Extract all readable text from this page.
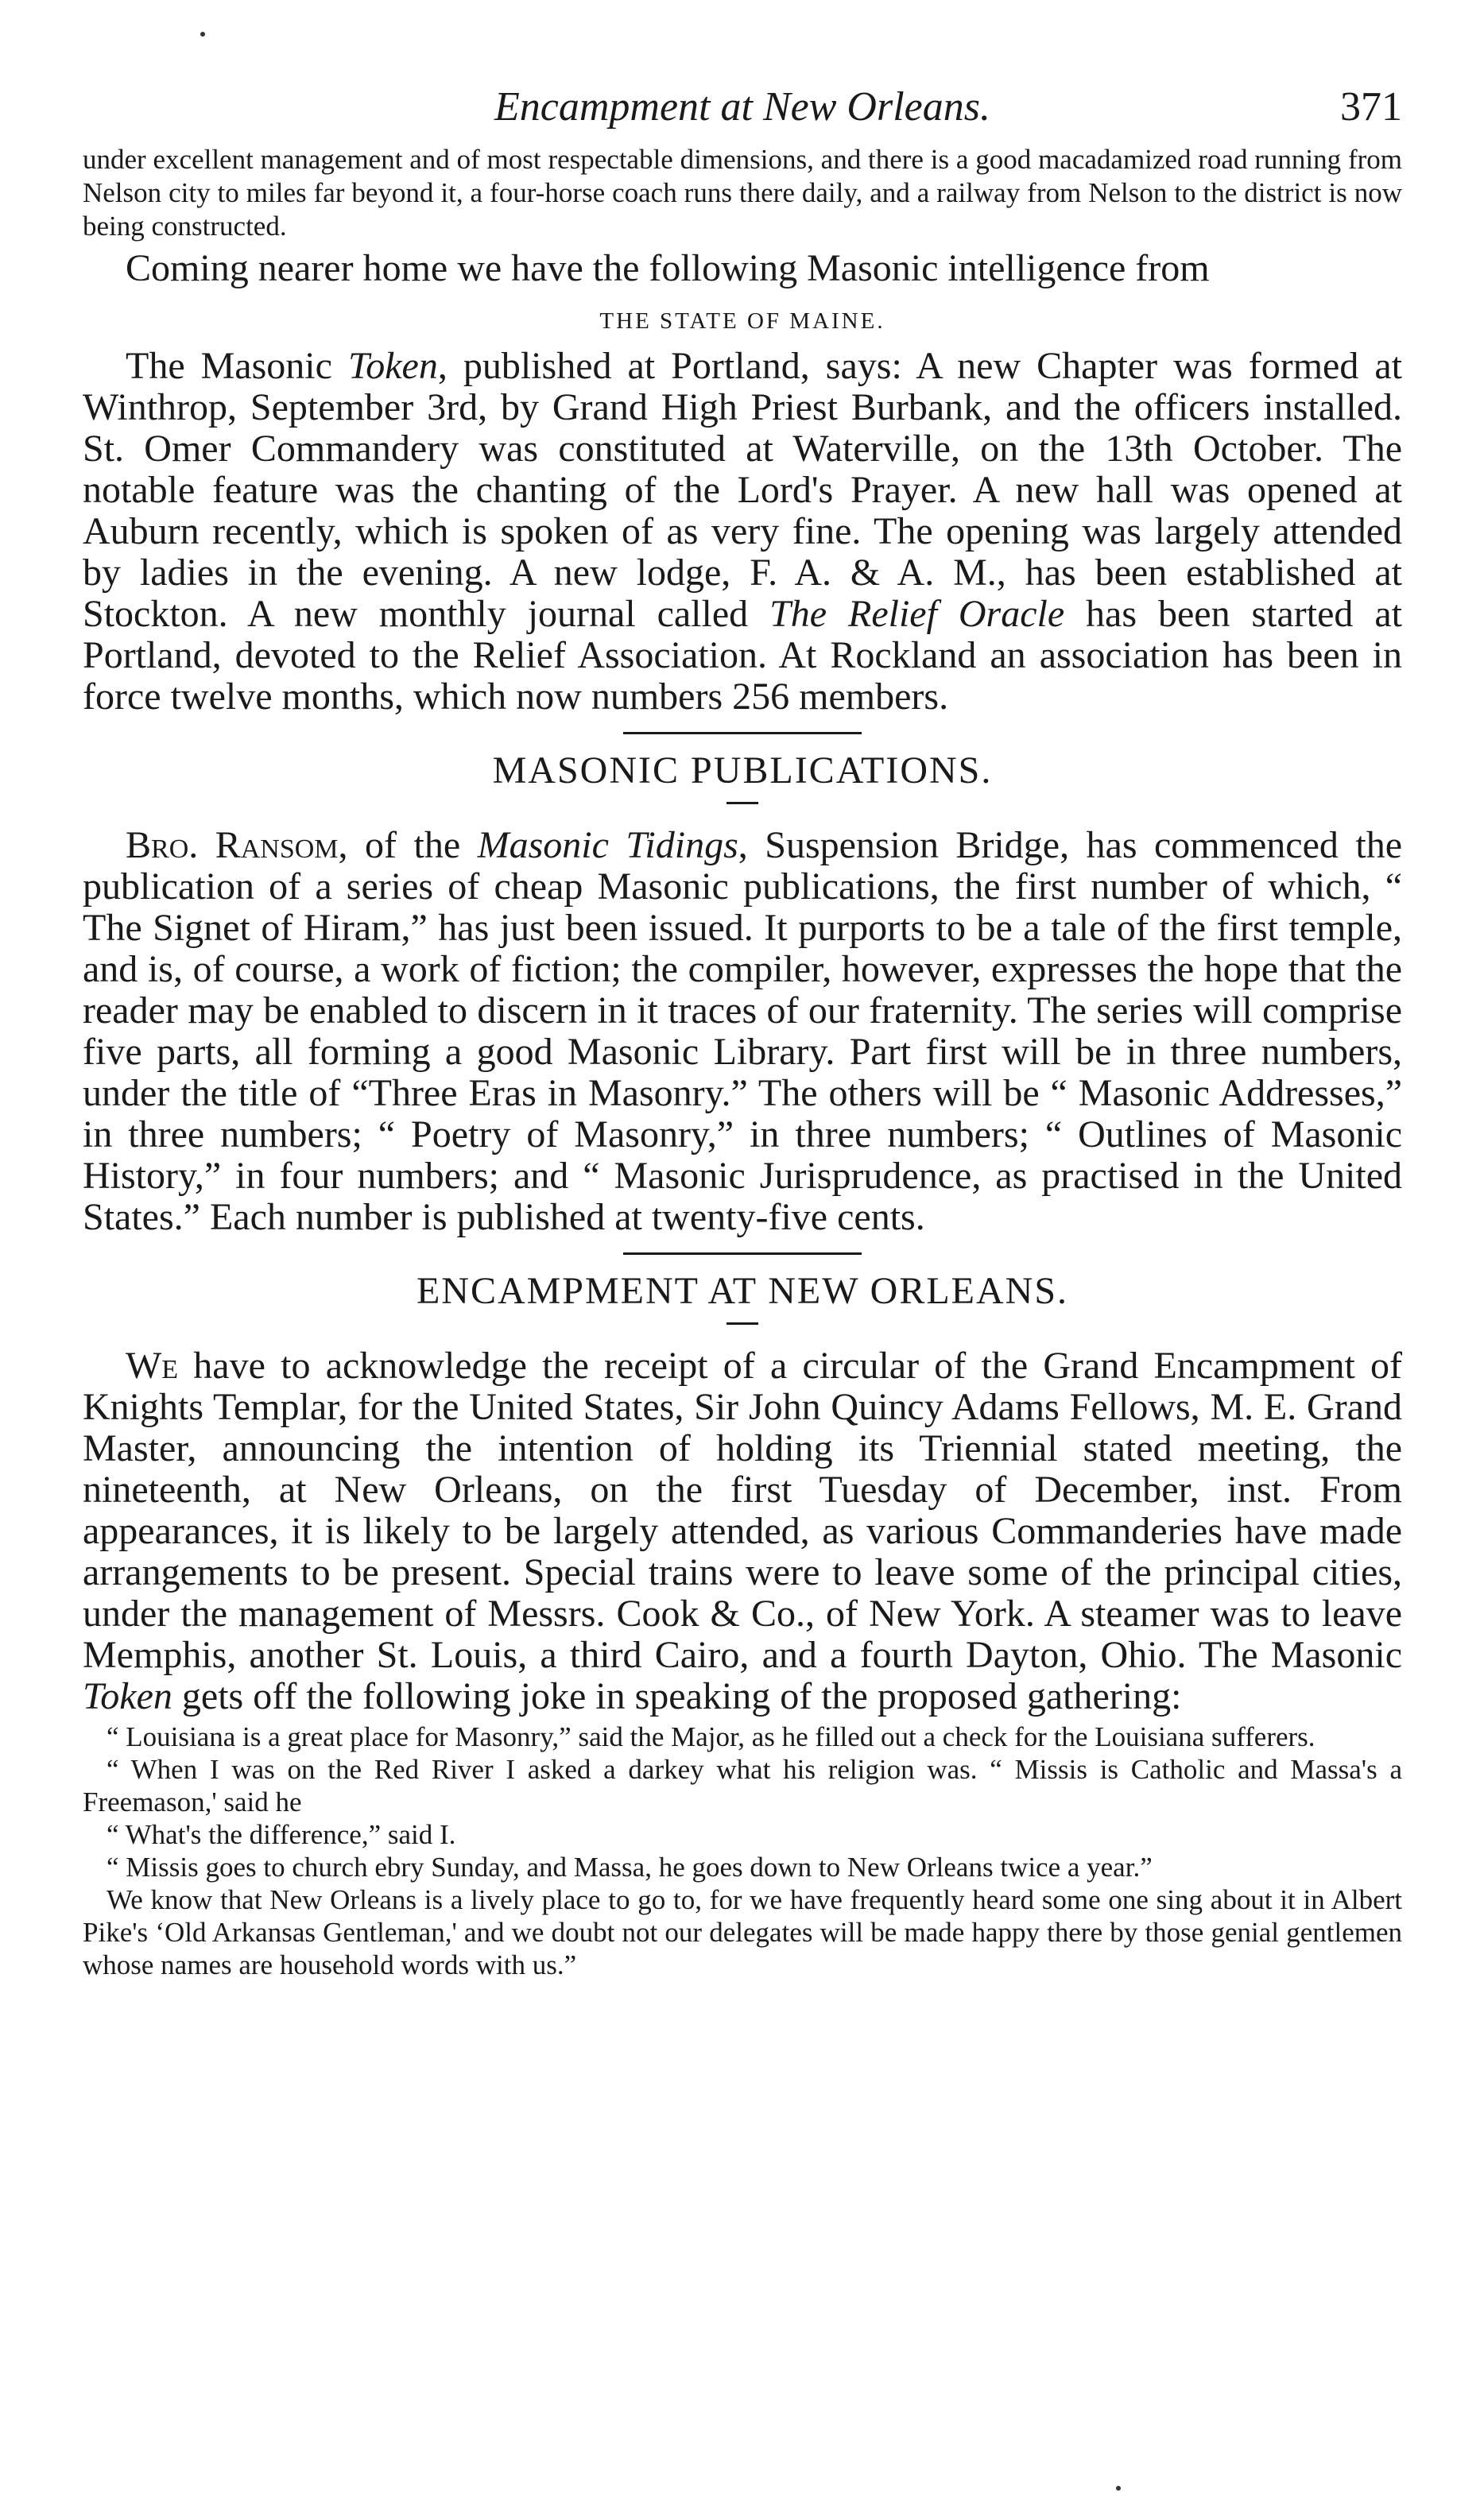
Encampment at New Orleans.	371

under excellent management and of most respectable dimensions, and there is a good macadamized road running from Nelson city to miles far beyond it, a four-horse coach runs there daily, and a railway from Nelson to the district is now being constructed.

Coming nearer home we have the following Masonic intelligence from

THE STATE OF MAINE.

The Masonic Token, published at Portland, says: A new Chapter was formed at Winthrop, September 3rd, by Grand High Priest Burbank, and the officers installed. St. Omer Commandery was constituted at Waterville, on the 13th October. The notable feature was the chanting of the Lord's Prayer. A new hall was opened at Auburn recently, which is spoken of as very fine. The opening was largely attended by ladies in the evening. A new lodge, F. A. & A. M., has been established at Stockton. A new monthly journal called The Relief Oracle has been started at Portland, devoted to the Relief Association. At Rockland an association has been in force twelve months, which now numbers 256 members.

MASONIC PUBLICATIONS.

Bro. Ransom, of the Masonic Tidings, Suspension Bridge, has commenced the publication of a series of cheap Masonic publications, the first number of which, “ The Signet of Hiram,” has just been issued. It purports to be a tale of the first temple, and is, of course, a work of fiction; the compiler, however, expresses the hope that the reader may be enabled to discern in it traces of our fraternity. The series will comprise five parts, all forming a good Masonic Library. Part first will be in three numbers, under the title of “Three Eras in Masonry.” The others will be “ Masonic Addresses,” in three numbers; “ Poetry of Masonry,” in three numbers; “ Outlines of Masonic History,” in four numbers; and “ Masonic Jurisprudence, as practised in the United States.” Each number is published at twenty-five cents.

ENCAMPMENT AT NEW ORLEANS.

We have to acknowledge the receipt of a circular of the Grand Encampment of Knights Templar, for the United States, Sir John Quincy Adams Fellows, M. E. Grand Master, announcing the intention of holding its Triennial stated meeting, the nineteenth, at New Orleans, on the first Tuesday of December, inst. From appearances, it is likely to be largely attended, as various Commanderies have made arrangements to be present. Special trains were to leave some of the principal cities, under the management of Messrs. Cook & Co., of New York. A steamer was to leave Memphis, another St. Louis, a third Cairo, and a fourth Dayton, Ohio. The Masonic Token gets off the following joke in speaking of the proposed gathering:

“ Louisiana is a great place for Masonry,” said the Major, as he filled out a check for the Louisiana sufferers.

“ When I was on the Red River I asked a darkey what his religion was. “ Missis is Catholic and Massa's a Freemason,' said he

“ What's the difference,” said I.

“ Missis goes to church ebry Sunday, and Massa, he goes down to New Orleans twice a year.”

We know that New Orleans is a lively place to go to, for we have frequently heard some one sing about it in Albert Pike's ‘Old Arkansas Gentleman,' and we doubt not our delegates will be made happy there by those genial gentlemen whose names are household words with us.”
